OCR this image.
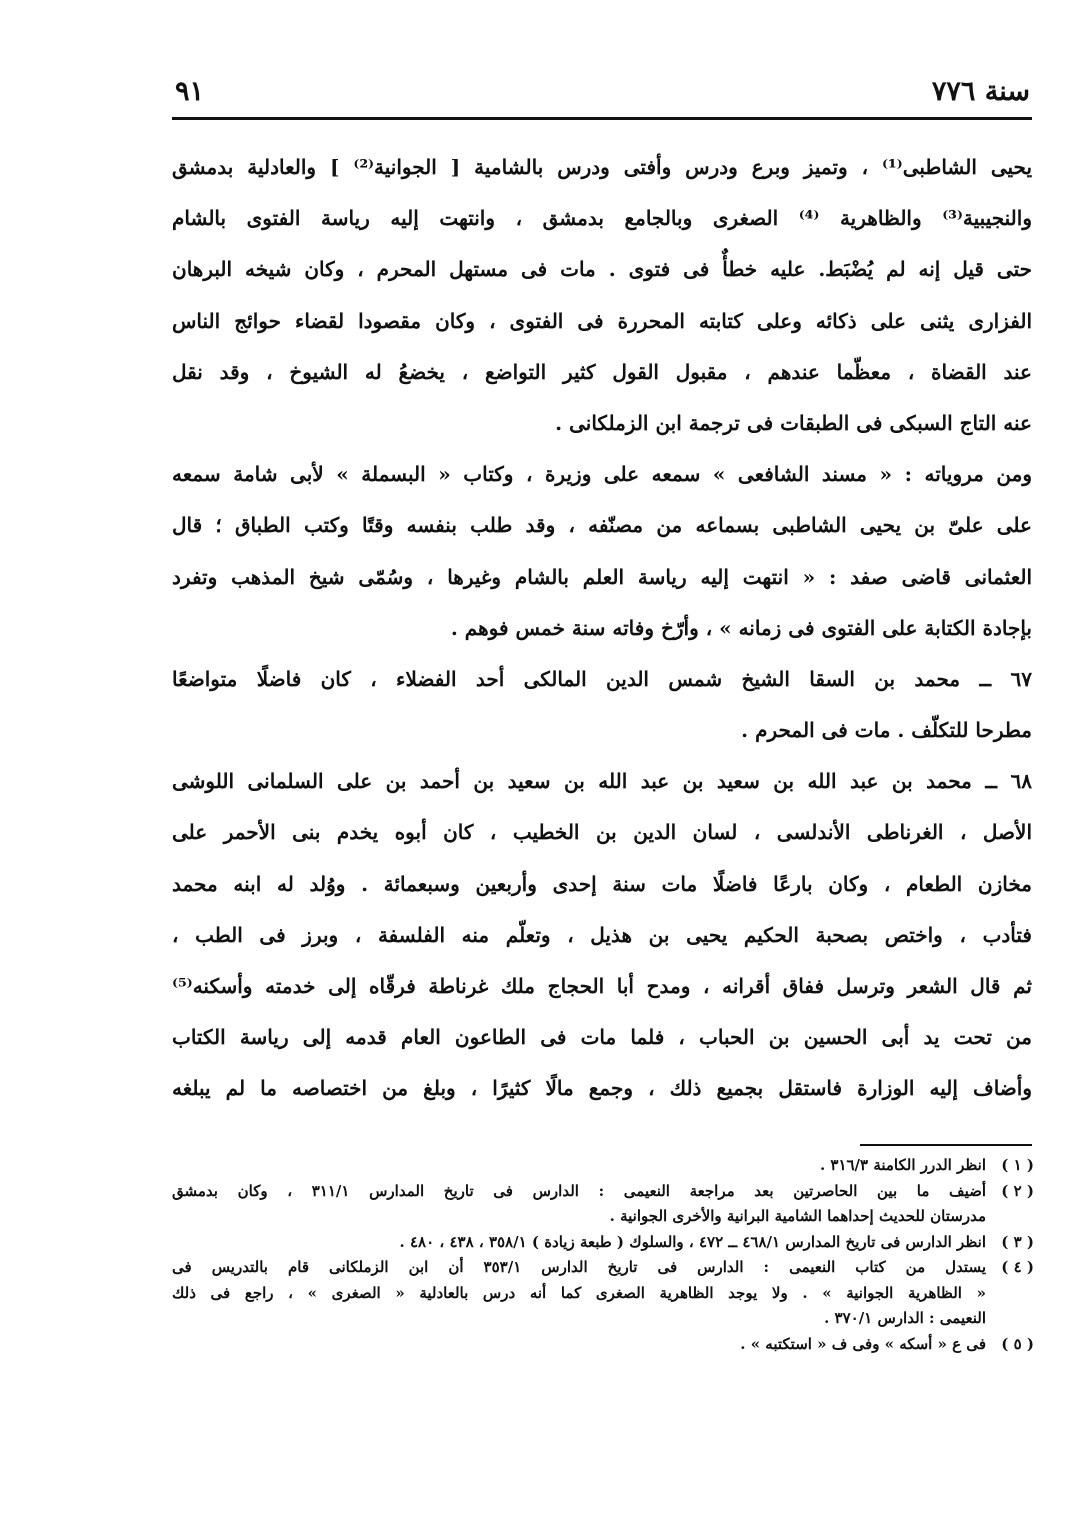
سنة ٧٧٦
٩١
يحيى الشاطبى⁽¹⁾ ، وتميز وبرع ودرس وأفتى ودرس بالشامية [ الجوانية⁽²⁾ ] والعادلية بدمشق
والنجيبية⁽³⁾ والظاهرية ⁽⁴⁾ الصغرى وبالجامع بدمشق ، وانتهت إليه رياسة الفتوى بالشام
حتى قيل إنه لم يُضْبَط. عليه خطأٌ فى فتوى . مات فى مستهل المحرم ، وكان شيخه البرهان
الفزارى يثنى على ذكائه وعلى كتابته المحررة فى الفتوى ، وكان مقصودا لقضاء حوائج الناس
عند القضاة ، معظّما عندهم ، مقبول القول كثير التواضع ، يخضعُ له الشيوخ ، وقد نقل
عنه التاج السبكى فى الطبقات فى ترجمة ابن الزملكانى .
ومن مروياته : « مسند الشافعى » سمعه على وزيرة ، وكتاب « البسملة » لأبى شامة سمعه
على علىّ بن يحيى الشاطبى بسماعه من مصنّفه ، وقد طلب بنفسه وقتًا وكتب الطباق ؛ قال
العثمانى قاضى صفد : « انتهت إليه رياسة العلم بالشام وغيرها ، وسُمّى شيخ المذهب وتفرد
بإجادة الكتابة على الفتوى فى زمانه » ، وأرّخ وفاته سنة خمس فوهم .
٦٧ ــ محمد بن السقا الشيخ شمس الدين المالكى أحد الفضلاء ، كان فاضلًا متواضعًا
مطرحا للتكلّف . مات فى المحرم .
٦٨ ــ محمد بن عبد الله بن سعيد بن عبد الله بن سعيد بن أحمد بن على السلمانى اللوشى
الأصل ، الغرناطى الأندلسى ، لسان الدين بن الخطيب ، كان أبوه يخدم بنى الأحمر على
مخازن الطعام ، وكان بارعًا فاضلًا مات سنة إحدى وأربعين وسبعمائة . ووُلد له ابنه محمد
فتأدب ، واختص بصحبة الحكيم يحيى بن هذيل ، وتعلّم منه الفلسفة ، وبرز فى الطب ،
ثم قال الشعر وترسل ففاق أقرانه ، ومدح أبا الحجاج ملك غرناطة فرقّاه إلى خدمته وأسكنه⁽⁵⁾
من تحت يد أبى الحسين بن الحباب ، فلما مات فى الطاعون العام قدمه إلى رياسة الكتاب
وأضاف إليه الوزارة فاستقل بجميع ذلك ، وجمع مالًا كثيرًا ، وبلغ من اختصاصه ما لم يبلغه
( ١ )
انظر الدرر الكامنة ٣١٦/٣ .
( ٢ )
أضيف ما بين الحاصرتين بعد مراجعة النعيمى : الدارس فى تاريخ المدارس ٣١١/١ ، وكان بدمشق
مدرستان للحديث إحداهما الشامية البرانية والأخرى الجوانية .
( ٣ )
انظر الدارس فى تاريخ المدارس ٤٦٨/١ ــ ٤٧٢ ، والسلوك ( طبعة زيادة ) ٣٥٨/١ ، ٤٣٨ ، ٤٨٠ .
( ٤ )
يستدل من كتاب النعيمى : الدارس فى تاريخ الدارس ٣٥٣/١ أن ابن الزملكانى قام بالتدريس فى
« الظاهرية الجوانية » . ولا يوجد الظاهرية الصغرى كما أنه درس بالعادلية « الصغرى » ، راجع فى ذلك
النعيمى : الدارس ٣٧٠/١ .
( ٥ )
فى ع « أسكه » وفى ف « استكتبه » .
